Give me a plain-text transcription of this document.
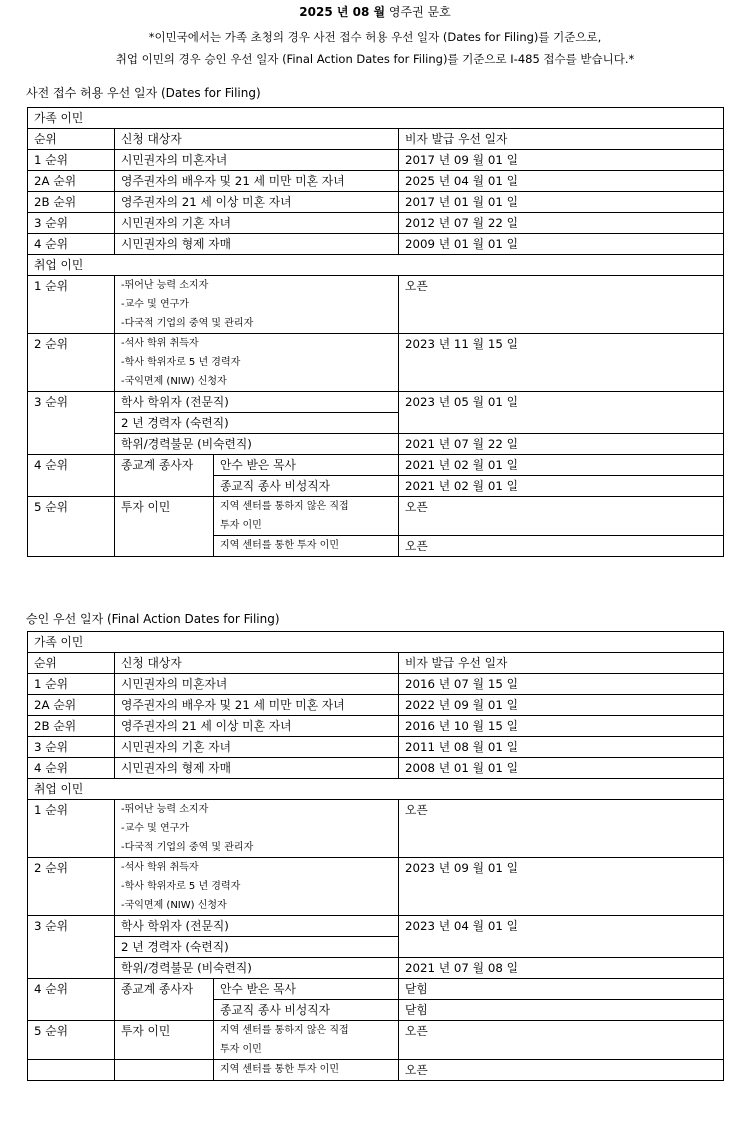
2025 년 08 월 영주권 문호
*이민국에서는 가족 초청의 경우 사전 접수 허용 우선 일자 (Dates for Filing)를 기준으로,
취업 이민의 경우 승인 우선 일자 (Final Action Dates for Filing)를 기준으로 I-485 접수를 받습니다.*
사전 접수 허용 우선 일자 (Dates for Filing)
가족 이민			
순위	신청 대상자		비자 발급 우선 일자
1 순위	시민권자의 미혼자녀		2017 년 09 월 01 일
2A 순위	영주권자의 배우자 및 21 세 미만 미혼 자녀		2025 년 04 월 01 일
2B 순위	영주권자의 21 세 이상 미혼 자녀		2017 년 01 월 01 일
3 순위	시민권자의 기혼 자녀		2012 년 07 월 22 일
4 순위	시민권자의 형제 자매		2009 년 01 월 01 일
취업 이민			
1 순위	-뛰어난 능력 소지자
-교수 및 연구가
-다국적 기업의 중역 및 관리자		오픈
2 순위	-석사 학위 취득자
-학사 학위자로 5 년 경력자
-국익면제 (NIW) 신청자		2023 년 11 월 15 일
3 순위	학사 학위자 (전문직)		2023 년 05 월 01 일
	2 년 경력자 (숙련직)		
	학위/경력불문 (비숙련직)		2021 년 07 월 22 일
4 순위	종교계 종사자	안수 받은 목사	2021 년 02 월 01 일
		종교직 종사 비성직자	2021 년 02 월 01 일
5 순위	투자 이민	지역 센터를 통하지 않은 직접
투자 이민	오픈
		지역 센터를 통한 투자 이민	오픈
승인 우선 일자 (Final Action Dates for Filing)
가족 이민			
순위	신청 대상자		비자 발급 우선 일자
1 순위	시민권자의 미혼자녀		2016 년 07 월 15 일
2A 순위	영주권자의 배우자 및 21 세 미만 미혼 자녀		2022 년 09 월 01 일
2B 순위	영주권자의 21 세 이상 미혼 자녀		2016 년 10 월 15 일
3 순위	시민권자의 기혼 자녀		2011 년 08 월 01 일
4 순위	시민권자의 형제 자매		2008 년 01 월 01 일
취업 이민			
1 순위	-뛰어난 능력 소지자
-교수 및 연구가
-다국적 기업의 중역 및 관리자		오픈
2 순위	-석사 학위 취득자
-학사 학위자로 5 년 경력자
-국익면제 (NIW) 신청자		2023 년 09 월 01 일
3 순위	학사 학위자 (전문직)		2023 년 04 월 01 일
	2 년 경력자 (숙련직)		
	학위/경력불문 (비숙련직)		2021 년 07 월 08 일
4 순위	종교계 종사자	안수 받은 목사	닫힘
		종교직 종사 비성직자	닫힘
5 순위	투자 이민	지역 센터를 통하지 않은 직접
투자 이민	오픈
		지역 센터를 통한 투자 이민	오픈
